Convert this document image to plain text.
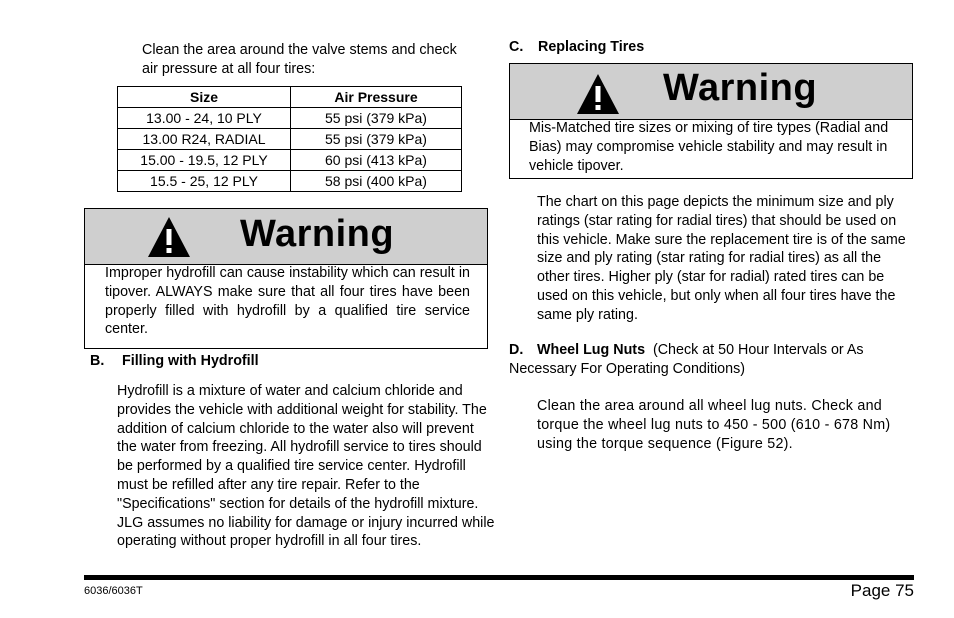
Clean the area around the valve stems and check air pressure at all four tires:
Size	Air Pressure
13.00 - 24, 10 PLY	55 psi (379 kPa)
13.00 R24, RADIAL	55 psi (379 kPa)
15.00 - 19.5, 12 PLY	60 psi (413 kPa)
15.5 - 25, 12 PLY	58 psi (400 kPa)
Warning
Improper hydrofill can cause instability which can result in tipover. ALWAYS make sure that all four tires have been properly filled with hydrofill by a qualified tire service center.
B. Filling with Hydrofill
Hydrofill is a mixture of water and calcium chloride and provides the vehicle with additional weight for stability. The addition of calcium chloride to the water also will prevent the water from freezing. All hydrofill service to tires should be performed by a qualified tire service center. Hydrofill must be refilled after any tire repair. Refer to the "Specifications" section for details of the hydrofill mixture. JLG assumes no liability for damage or injury incurred while operating without proper hydrofill in all four tires.
C. Replacing Tires
Warning
Mis-Matched tire sizes or mixing of tire types (Radial and Bias) may compromise vehicle stability and may result in vehicle tipover.
The chart on this page depicts the minimum size and ply ratings (star rating for radial tires) that should be used on this vehicle. Make sure the replacement tire is of the same size and ply rating (star rating for radial tires) as all the other tires. Higher ply (star for radial) rated tires can be used on this vehicle, but only when all four tires have the same ply rating.
D. Wheel Lug Nuts (Check at 50 Hour Intervals or As Necessary For Operating Conditions)
Clean the area around all wheel lug nuts. Check and torque the wheel lug nuts to 450 - 500 (610 - 678 Nm) using the torque sequence (Figure 52).
6036/6036T	Page 75
